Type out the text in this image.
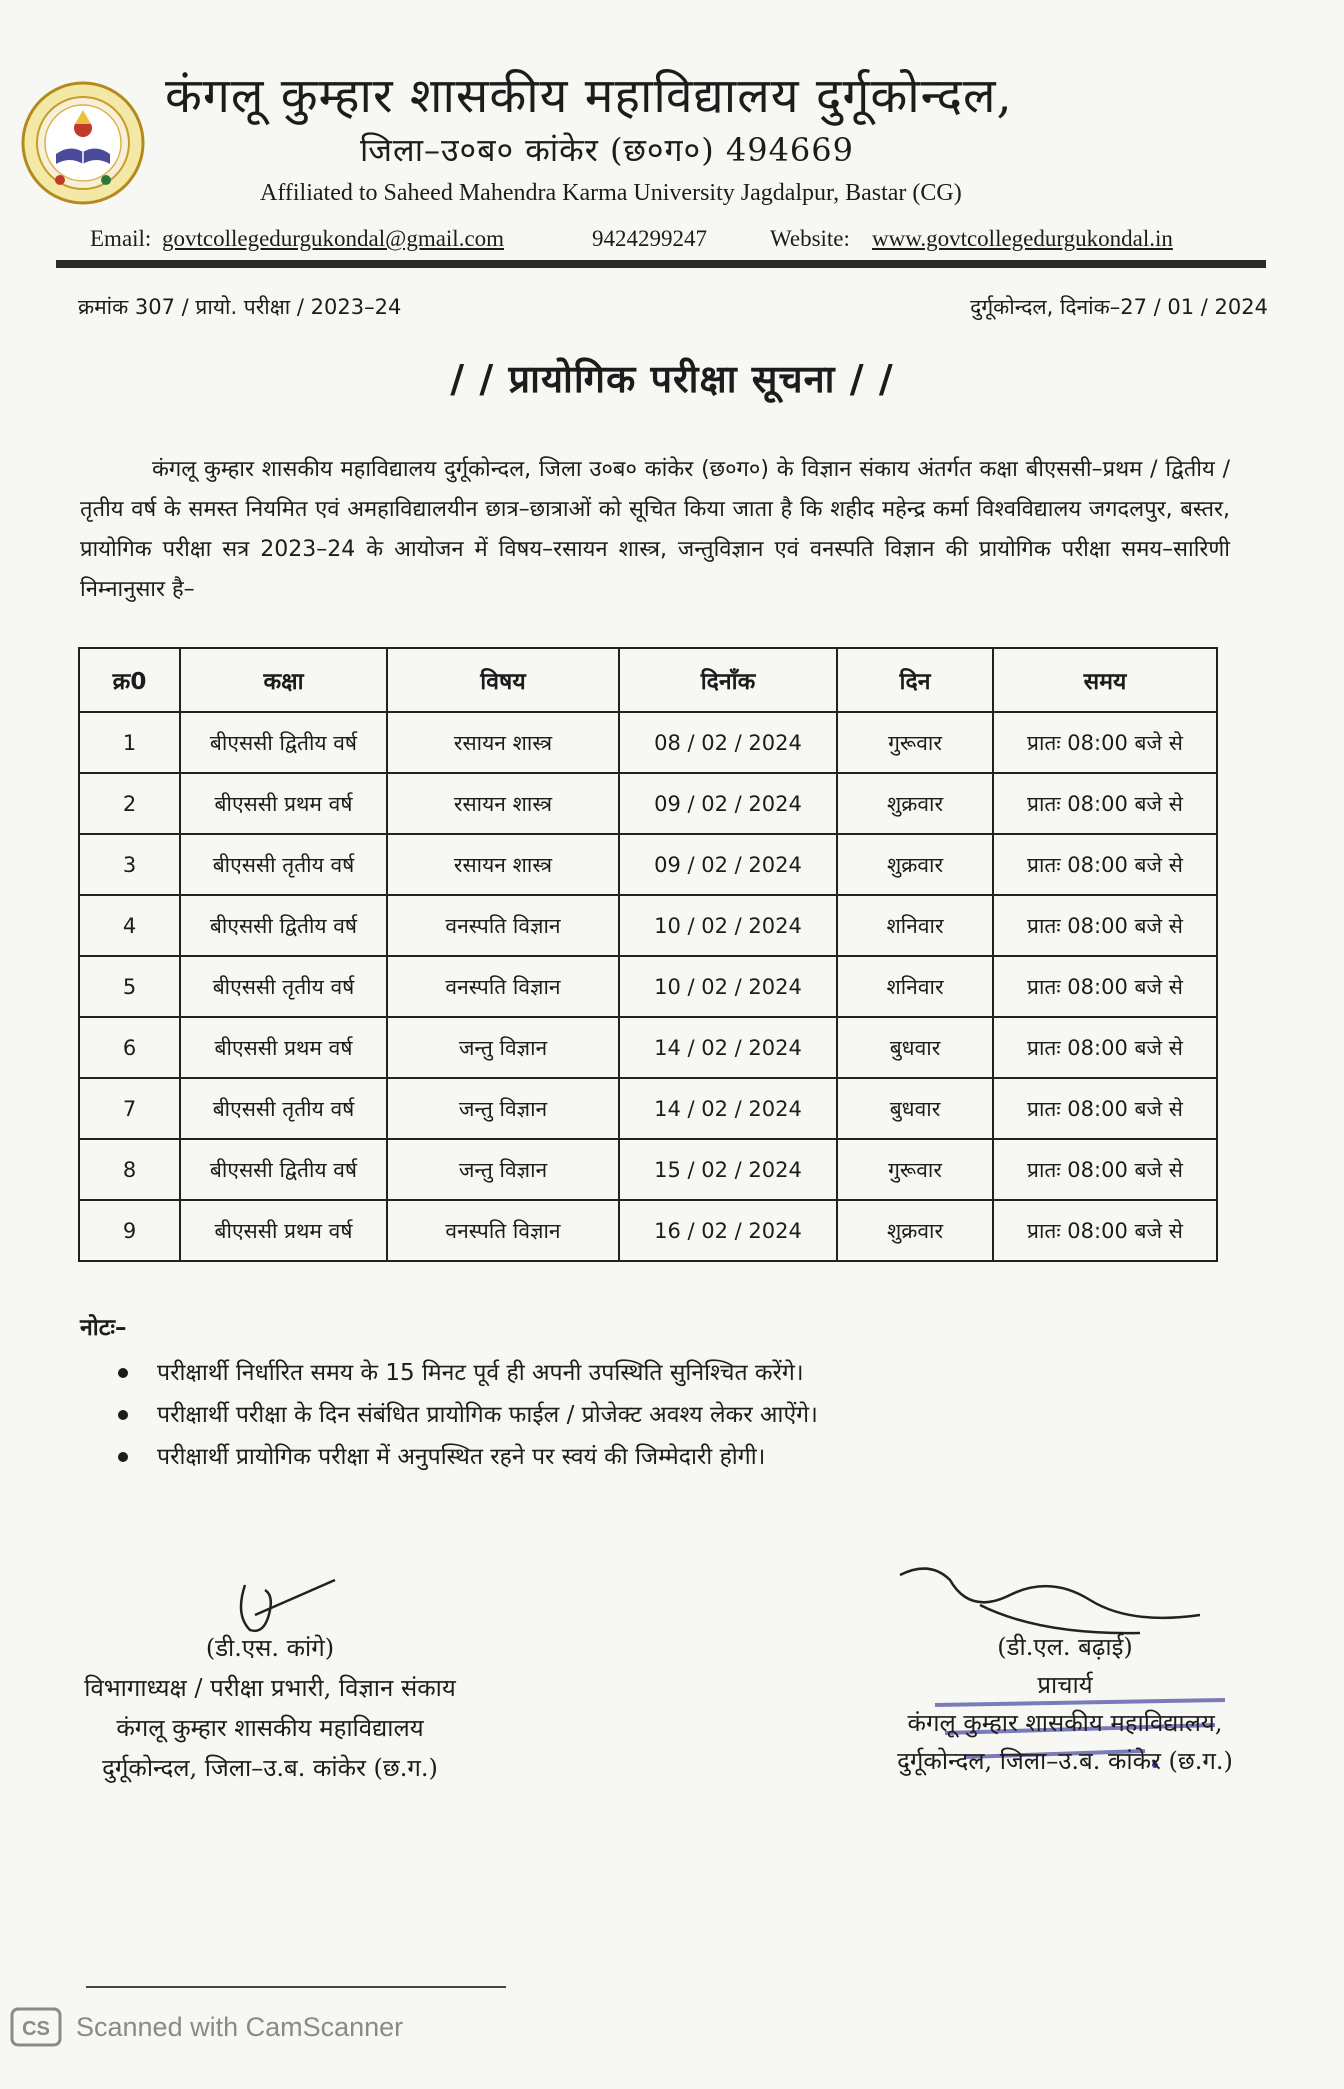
कंगलू कुम्हार शासकीय महाविद्यालय दुर्गूकोन्दल,
जिला–उ०ब० कांकेर (छ०ग०) 494669
Affiliated to Saheed Mahendra Karma University Jagdalpur, Bastar (CG)
Email: govtcollegedurgukondal@gmail.com	9424299247	Website: www.govtcollegedurgukondal.in
क्रमांक 307 / प्रायो. परीक्षा / 2023–24	दुर्गूकोन्दल, दिनांक–27 / 01 / 2024
/ / प्रायोगिक परीक्षा सूचना / /

कंगलू कुम्हार शासकीय महाविद्यालय दुर्गूकोन्दल, जिला उ०ब० कांकेर (छ०ग०) के विज्ञान संकाय अंतर्गत कक्षा बीएससी–प्रथम / द्वितीय / तृतीय वर्ष के समस्त नियमित एवं अमहाविद्यालयीन छात्र–छात्राओं को सूचित किया जाता है कि शहीद महेन्द्र कर्मा विश्वविद्यालय जगदलपुर, बस्तर, प्रायोगिक परीक्षा सत्र 2023–24 के आयोजन में विषय–रसायन शास्त्र, जन्तुविज्ञान एवं वनस्पति विज्ञान की प्रायोगिक परीक्षा समय–सारिणी निम्नानुसार है–

क्र0	कक्षा	विषय	दिनाँक	दिन	समय
1	बीएससी द्वितीय वर्ष	रसायन शास्त्र	08 / 02 / 2024	गुरूवार	प्रातः 08:00 बजे से
2	बीएससी प्रथम वर्ष	रसायन शास्त्र	09 / 02 / 2024	शुक्रवार	प्रातः 08:00 बजे से
3	बीएससी तृतीय वर्ष	रसायन शास्त्र	09 / 02 / 2024	शुक्रवार	प्रातः 08:00 बजे से
4	बीएससी द्वितीय वर्ष	वनस्पति विज्ञान	10 / 02 / 2024	शनिवार	प्रातः 08:00 बजे से
5	बीएससी तृतीय वर्ष	वनस्पति विज्ञान	10 / 02 / 2024	शनिवार	प्रातः 08:00 बजे से
6	बीएससी प्रथम वर्ष	जन्तु विज्ञान	14 / 02 / 2024	बुधवार	प्रातः 08:00 बजे से
7	बीएससी तृतीय वर्ष	जन्तु विज्ञान	14 / 02 / 2024	बुधवार	प्रातः 08:00 बजे से
8	बीएससी द्वितीय वर्ष	जन्तु विज्ञान	15 / 02 / 2024	गुरूवार	प्रातः 08:00 बजे से
9	बीएससी प्रथम वर्ष	वनस्पति विज्ञान	16 / 02 / 2024	शुक्रवार	प्रातः 08:00 बजे से
नोटः–
परीक्षार्थी निर्धारित समय के 15 मिनट पूर्व ही अपनी उपस्थिति सुनिश्चित करेंगे।
परीक्षार्थी परीक्षा के दिन संबंधित प्रायोगिक फाईल / प्रोजेक्ट अवश्य लेकर आऐंगे।
परीक्षार्थी प्रायोगिक परीक्षा में अनुपस्थित रहने पर स्वयं की जिम्मेदारी होगी।
(डी.एस. कांगे)
विभागाध्यक्ष / परीक्षा प्रभारी, विज्ञान संकाय
कंगलू कुम्हार शासकीय महाविद्यालय
दुर्गूकोन्दल, जिला–उ.ब. कांकेर (छ.ग.)
(डी.एल. बढ़ाई)
प्राचार्य
कंगलू कुम्हार शासकीय महाविद्यालय,
दुर्गूकोन्दल, जिला–उ.ब. कांकेर (छ.ग.)
CS Scanned with CamScanner
